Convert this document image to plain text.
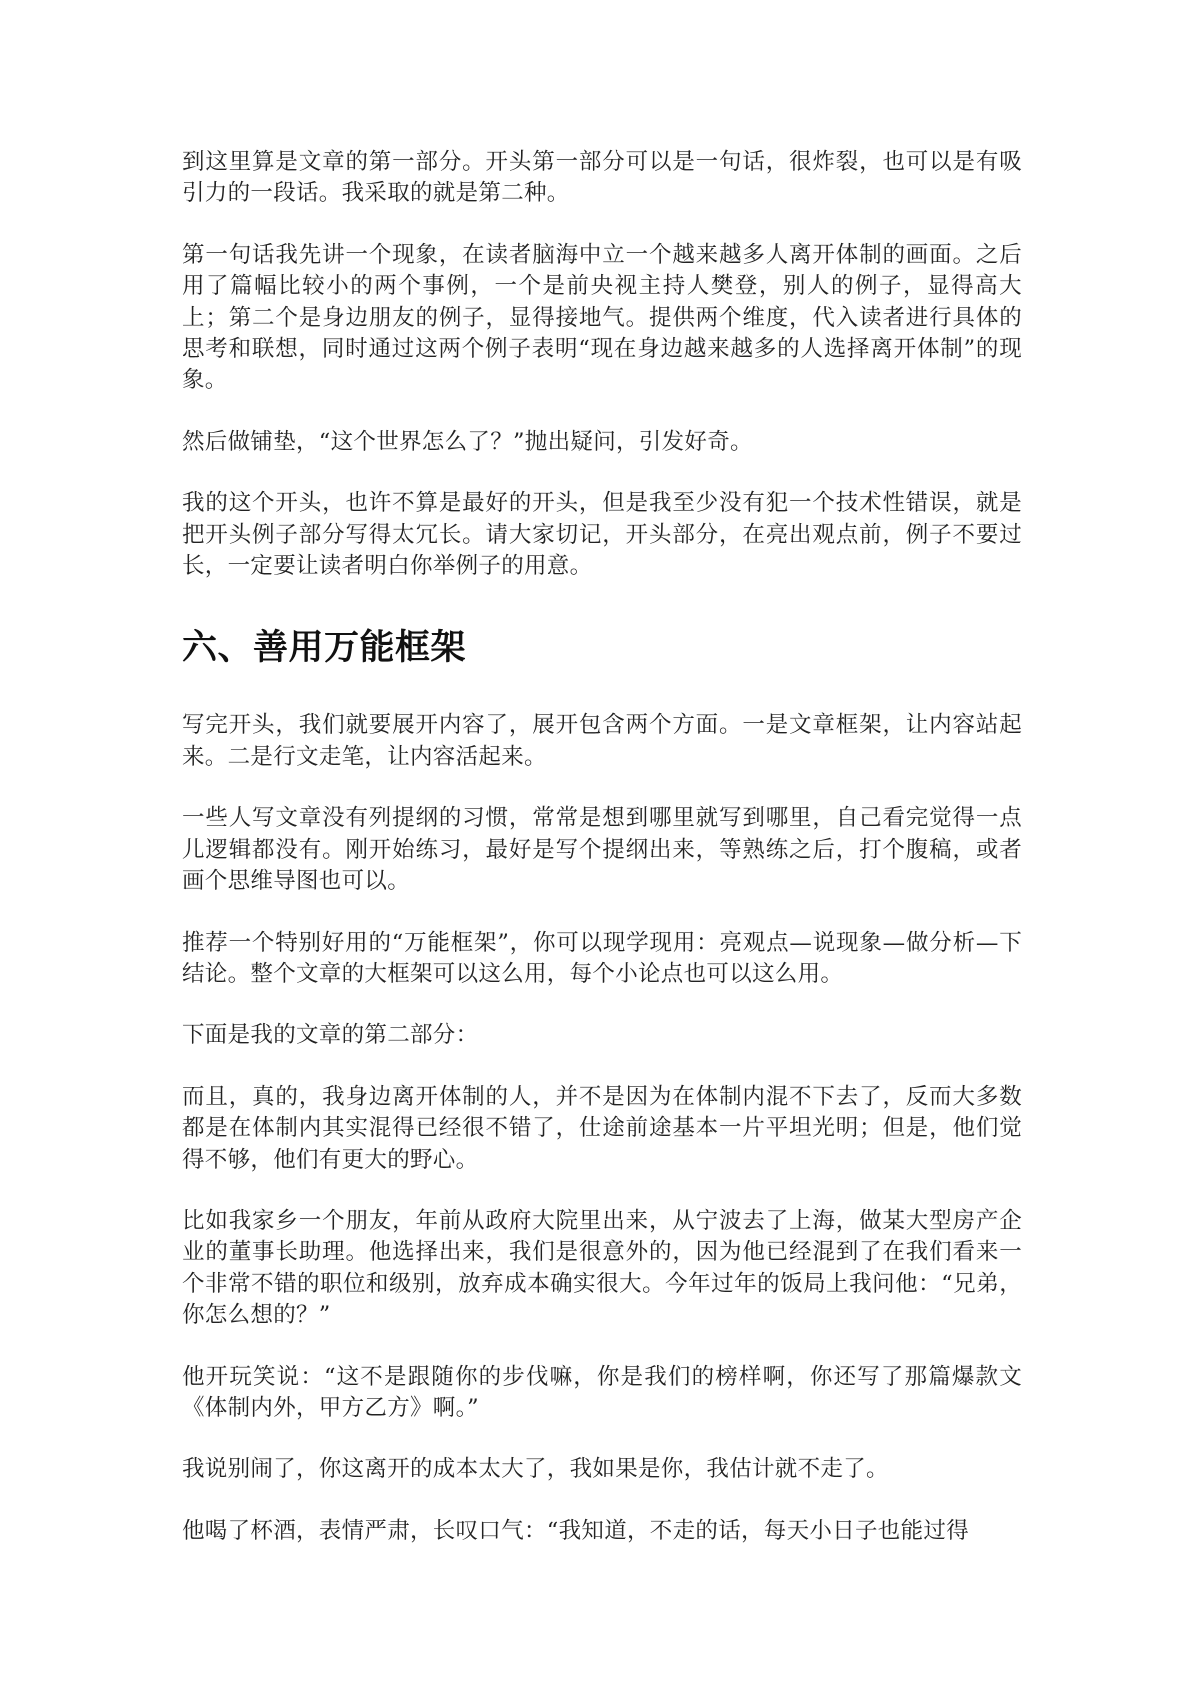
到这里算是文章的第一部分。开头第一部分可以是一句话，很炸裂，也可以是有吸引力的一段话。我采取的就是第二种。

第一句话我先讲一个现象，在读者脑海中立一个越来越多人离开体制的画面。之后用了篇幅比较小的两个事例，一个是前央视主持人樊登，别人的例子，显得高大上；第二个是身边朋友的例子，显得接地气。提供两个维度，代入读者进行具体的思考和联想，同时通过这两个例子表明“现在身边越来越多的人选择离开体制”的现象。

然后做铺垫，“这个世界怎么了？”抛出疑问，引发好奇。

我的这个开头，也许不算是最好的开头，但是我至少没有犯一个技术性错误，就是把开头例子部分写得太冗长。请大家切记，开头部分，在亮出观点前，例子不要过长，一定要让读者明白你举例子的用意。

六、善用万能框架

写完开头，我们就要展开内容了，展开包含两个方面。一是文章框架，让内容站起来。二是行文走笔，让内容活起来。

一些人写文章没有列提纲的习惯，常常是想到哪里就写到哪里，自己看完觉得一点儿逻辑都没有。刚开始练习，最好是写个提纲出来，等熟练之后，打个腹稿，或者画个思维导图也可以。

推荐一个特别好用的“万能框架”，你可以现学现用：亮观点—说现象—做分析—下结论。整个文章的大框架可以这么用，每个小论点也可以这么用。

下面是我的文章的第二部分：

而且，真的，我身边离开体制的人，并不是因为在体制内混不下去了，反而大多数都是在体制内其实混得已经很不错了，仕途前途基本一片平坦光明；但是，他们觉得不够，他们有更大的野心。

比如我家乡一个朋友，年前从政府大院里出来，从宁波去了上海，做某大型房产企业的董事长助理。他选择出来，我们是很意外的，因为他已经混到了在我们看来一个非常不错的职位和级别，放弃成本确实很大。今年过年的饭局上我问他：“兄弟，你怎么想的？”

他开玩笑说：“这不是跟随你的步伐嘛，你是我们的榜样啊，你还写了那篇爆款文《体制内外，甲方乙方》啊。”

我说别闹了，你这离开的成本太大了，我如果是你，我估计就不走了。

他喝了杯酒，表情严肃，长叹口气：“我知道，不走的话，每天小日子也能过得
